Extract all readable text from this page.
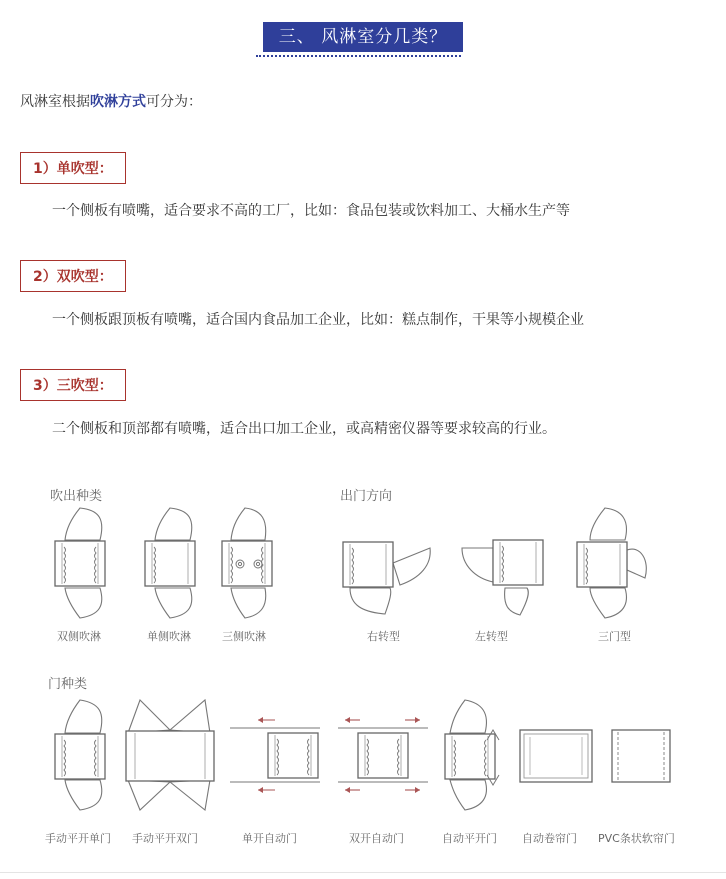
三、 风淋室分几类？
风淋室根据吹淋方式可分为：
1）单吹型：
一个侧板有喷嘴，适合要求不高的工厂，比如：食品包装或饮料加工、大桶水生产等
2）双吹型：
一个侧板跟顶板有喷嘴，适合国内食品加工企业，比如：糕点制作，干果等小规模企业
3）三吹型：
二个侧板和顶部都有喷嘴，适合出口加工企业，或高精密仪器等要求较高的行业。
吹出种类	出门方向
门种类
双侧吹淋	单侧吹淋	三侧吹淋	右转型	左转型	三门型
手动平开单门 手动平开双门	单开自动门	双开自动门	自动平开门 自动卷帘门 PVC条状软帘门
